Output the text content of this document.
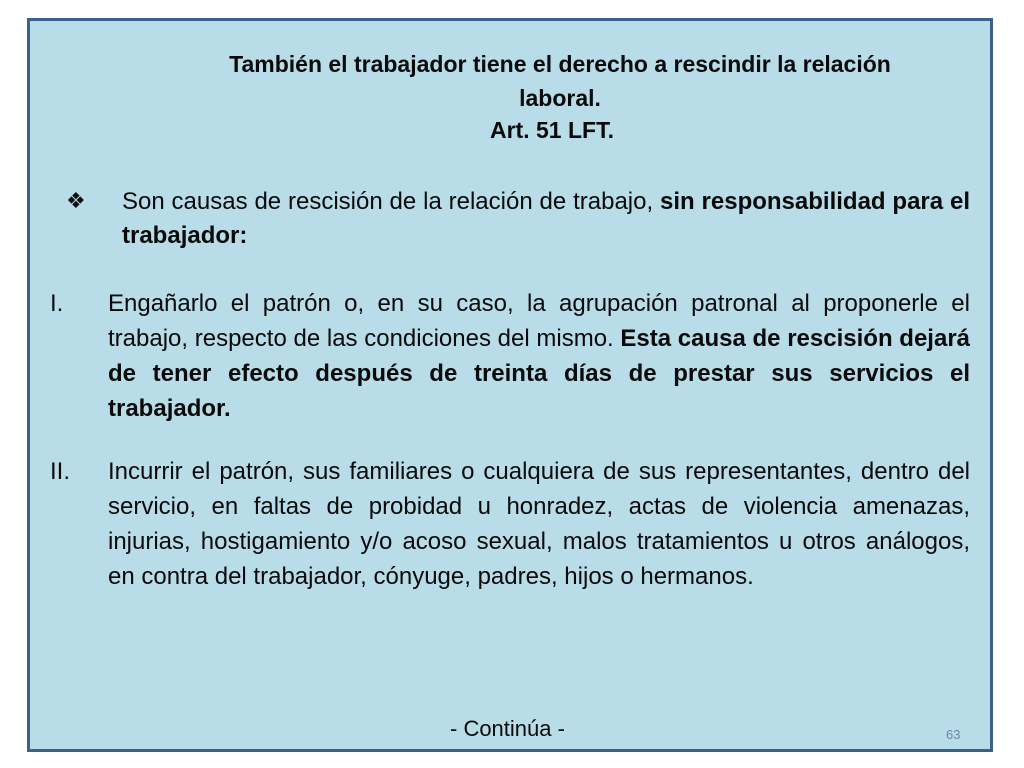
También el trabajador tiene el derecho a rescindir la relación laboral.
Art. 51 LFT.
❖ Son causas de rescisión de la relación de trabajo, sin responsabilidad para el trabajador:
I. Engañarlo el patrón o, en su caso, la agrupación patronal al proponerle el trabajo, respecto de las condiciones del mismo. Esta causa de rescisión dejará de tener efecto después de treinta días de prestar sus servicios el trabajador.
II. Incurrir el patrón, sus familiares o cualquiera de sus representantes, dentro del servicio, en faltas de probidad u honradez, actas de violencia amenazas, injurias, hostigamiento y/o acoso sexual, malos tratamientos u otros análogos, en contra del trabajador, cónyuge, padres, hijos o hermanos.
- Continúa -	63
